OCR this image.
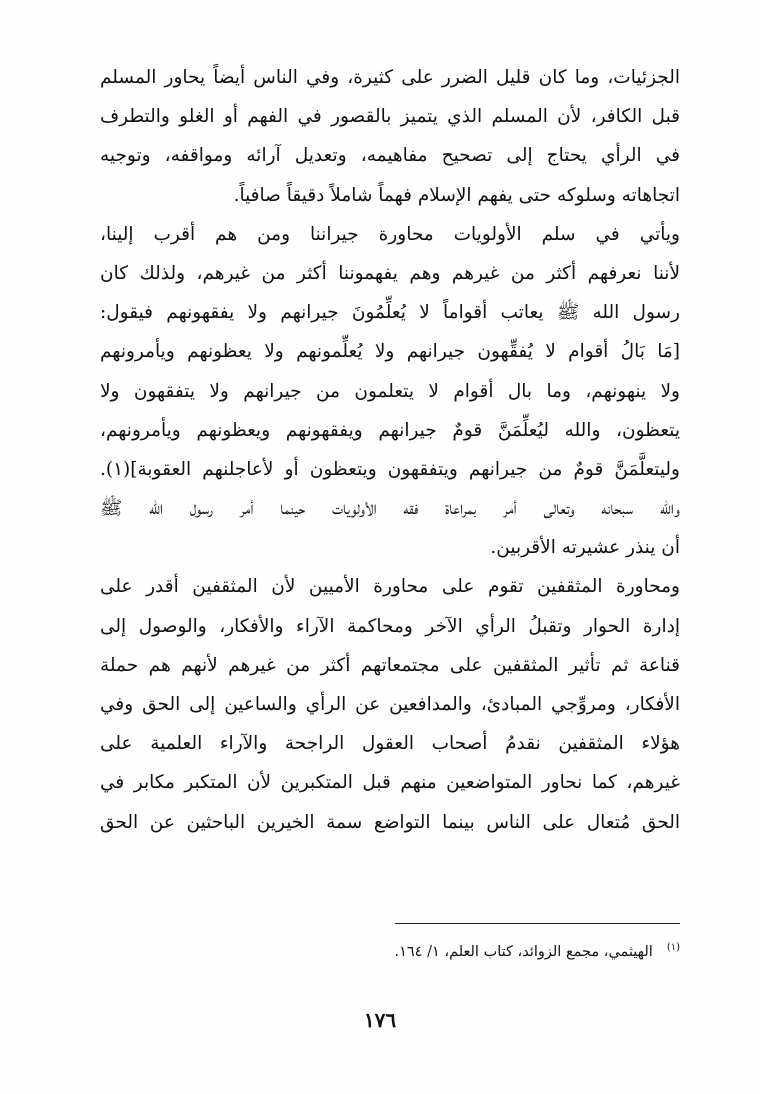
الجزئيات، وما كان قليل الضرر على كثيرة، وفي الناس أيضاً يحاور المسلم
قبل الكافر، لأن المسلم الذي يتميز بالقصور في الفهم أو الغلو والتطرف
في الرأي يحتاج إلى تصحيح مفاهيمه، وتعديل آرائه ومواقفه، وتوجيه
اتجاهاته وسلوكه حتى يفهم الإسلام فهماً شاملاً دقيقاً صافياً.
ويأتي في سلم الأولويات محاورة جيراننا ومن هم أقرب إلينا،
لأننا نعرفهم أكثر من غيرهم وهم يفهموننا أكثر من غيرهم، ولذلك كان
رسول الله ﷺ يعاتب أقواماً لا يُعلِّمُونَ جيرانهم ولا يفقهونهم فيقول:
[مَا بَالُ أقوام لا يُفقِّهون جيرانهم ولا يُعلِّمونهم ولا يعظونهم ويأمرونهم
ولا ينهونهم، وما بال أقوام لا يتعلمون من جيرانهم ولا يتفقهون ولا
يتعظون، والله ليُعلِّمَنَّ قومٌ جيرانهم ويفقهونهم ويعظونهم ويأمرونهم،
وليتعلَّمَنَّ قومٌ من جيرانهم ويتفقهون ويتعظون أو لأعاجلنهم العقوبة](١).
والله سبحانه وتعالى أمر بمراعاة فقه الأولويات حينما أمر رسول الله ﷺ
أن ينذر عشيرته الأقربين.
ومحاورة المثقفين تقوم على محاورة الأميين لأن المثقفين أقدر على
إدارة الحوار وتقبلُ الرأي الآخر ومحاكمة الآراء والأفكار، والوصول إلى
قناعة ثم تأثير المثقفين على مجتمعاتهم أكثر من غيرهم لأنهم هم حملة
الأفكار، ومروِّجي المبادئ، والمدافعين عن الرأي والساعين إلى الحق وفي
هؤلاء المثقفين نقدمُ أصحاب العقول الراجحة والآراء العلمية على
غيرهم، كما نحاور المتواضعين منهم قبل المتكبرين لأن المتكبر مكابر في
الحق مُتعال على الناس بينما التواضع سمة الخيرين الباحثين عن الحق
$^{(١)}$الهيثمي، مجمع الزوائد، كتاب العلم، ١/ ١٦٤.
١٧٦
